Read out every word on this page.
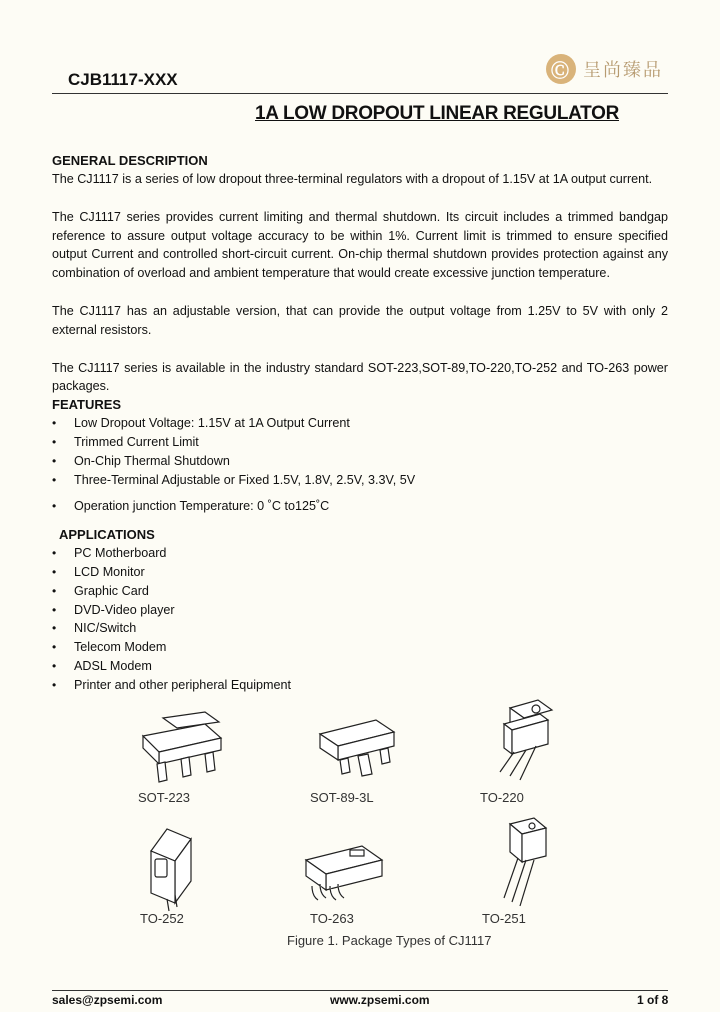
CJB1117-XXX	Ⓒ 呈尚臻品
1A LOW DROPOUT LINEAR REGULATOR
GENERAL DESCRIPTION

The CJ1117 is a series of low dropout three-terminal regulators with a dropout of 1.15V at 1A output current.

The CJ1117 series provides current limiting and thermal shutdown. Its circuit includes a trimmed bandgap reference to assure output voltage accuracy to be within 1%. Current limit is trimmed to ensure specified output Current and controlled short-circuit current. On-chip thermal shutdown provides protection against any combination of overload and ambient temperature that would create excessive junction temperature.

The CJ1117 has an adjustable version, that can provide the output voltage from 1.25V to 5V with only 2 external resistors.

The CJ1117 series is available in the industry standard SOT-223,SOT-89,TO-220,TO-252 and TO-263 power packages.

FEATURES
• Low Dropout Voltage: 1.15V at 1A Output Current
• Trimmed Current Limit
• On-Chip Thermal Shutdown
• Three-Terminal Adjustable or Fixed 1.5V, 1.8V, 2.5V, 3.3V, 5V
• Operation junction Temperature: 0 ˚C to125˚C
APPLICATIONS
• PC Motherboard
• LCD Monitor
• Graphic Card
• DVD-Video player
• NIC/Switch
• Telecom Modem
• ADSL Modem
• Printer and other peripheral Equipment
SOT-223	SOT-89-3L	TO-220
TO-252	TO-263	TO-251
Figure 1. Package Types of CJ1117
sales@zpsemi.com	www.zpsemi.com	1 of 8
